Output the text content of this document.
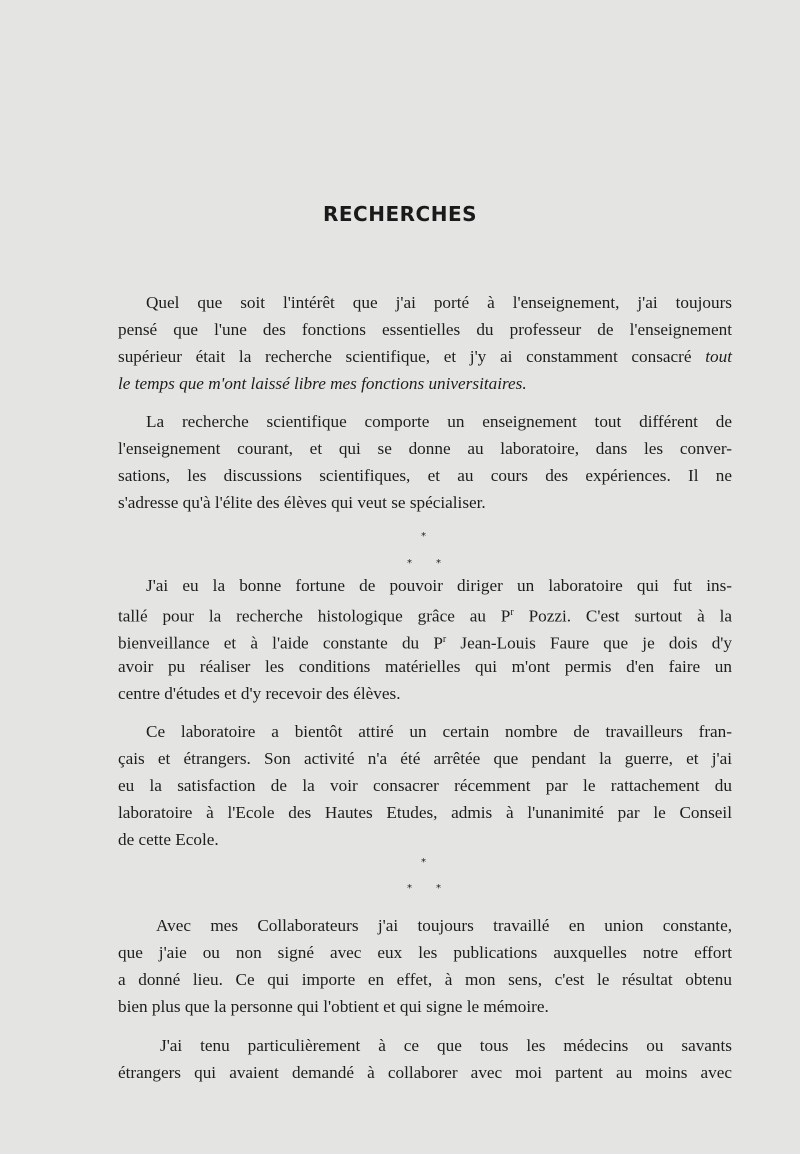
RECHERCHES
Quel que soit l'intérêt que j'ai porté à l'enseignement, j'ai toujours
pensé que l'une des fonctions essentielles du professeur de l'enseignement
supérieur était la recherche scientifique, et j'y ai constamment consacré tout
le temps que m'ont laissé libre mes fonctions universitaires.
La recherche scientifique comporte un enseignement tout différent de
l'enseignement courant, et qui se donne au laboratoire, dans les conver-
sations, les discussions scientifiques, et au cours des expériences. Il ne
s'adresse qu'à l'élite des élèves qui veut se spécialiser.
*
* *
J'ai eu la bonne fortune de pouvoir diriger un laboratoire qui fut ins-
tallé pour la recherche histologique grâce au $P^r$ Pozzi. C'est surtout à la
bienveillance et à l'aide constante du $P^r$ Jean-Louis Faure que je dois d'y
avoir pu réaliser les conditions matérielles qui m'ont permis d'en faire un
centre d'études et d'y recevoir des élèves.
Ce laboratoire a bientôt attiré un certain nombre de travailleurs fran-
çais et étrangers. Son activité n'a été arrêtée que pendant la guerre, et j'ai
eu la satisfaction de la voir consacrer récemment par le rattachement du
laboratoire à l'Ecole des Hautes Etudes, admis à l'unanimité par le Conseil
de cette Ecole.
*
* *
Avec mes Collaborateurs j'ai toujours travaillé en union constante,
que j'aie ou non signé avec eux les publications auxquelles notre effort
a donné lieu. Ce qui importe en effet, à mon sens, c'est le résultat obtenu
bien plus que la personne qui l'obtient et qui signe le mémoire.
J'ai tenu particulièrement à ce que tous les médecins ou savants
étrangers qui avaient demandé à collaborer avec moi partent au moins avec
